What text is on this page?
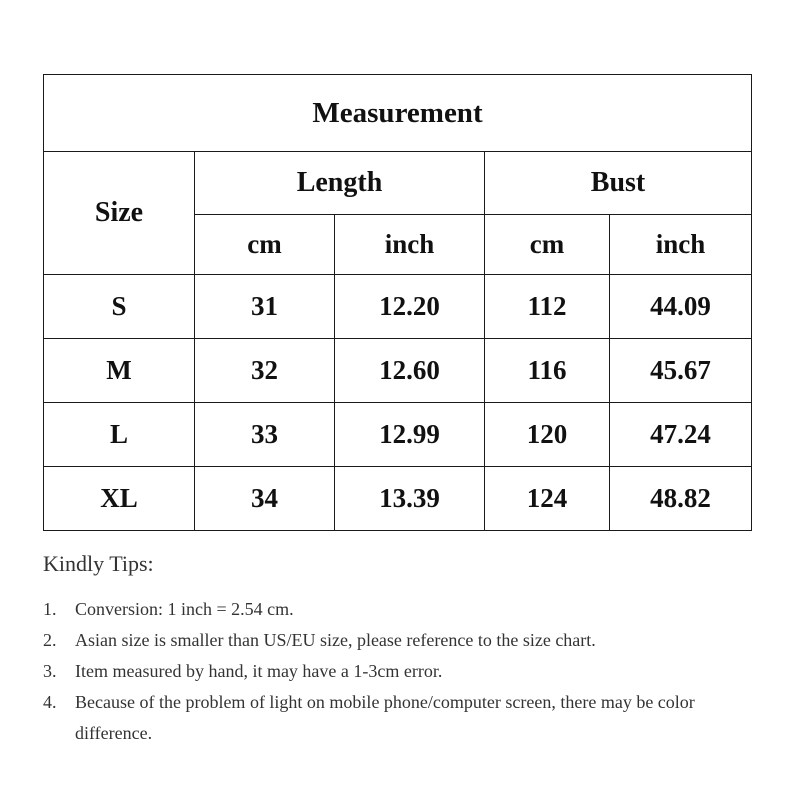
Measurement				
Size	Length		Bust	
	cm	inch	cm	inch
S	31	12.20	112	44.09
M	32	12.60	116	45.67
L	33	12.99	120	47.24
XL	34	13.39	124	48.82
Kindly Tips:
1.	Conversion: 1 inch = 2.54 cm.
2.	Asian size is smaller than US/EU size, please reference to the size chart.
3.	Item measured by hand, it may have a 1-3cm error.
4.	Because of the problem of light on mobile phone/computer screen, there may be color difference.
